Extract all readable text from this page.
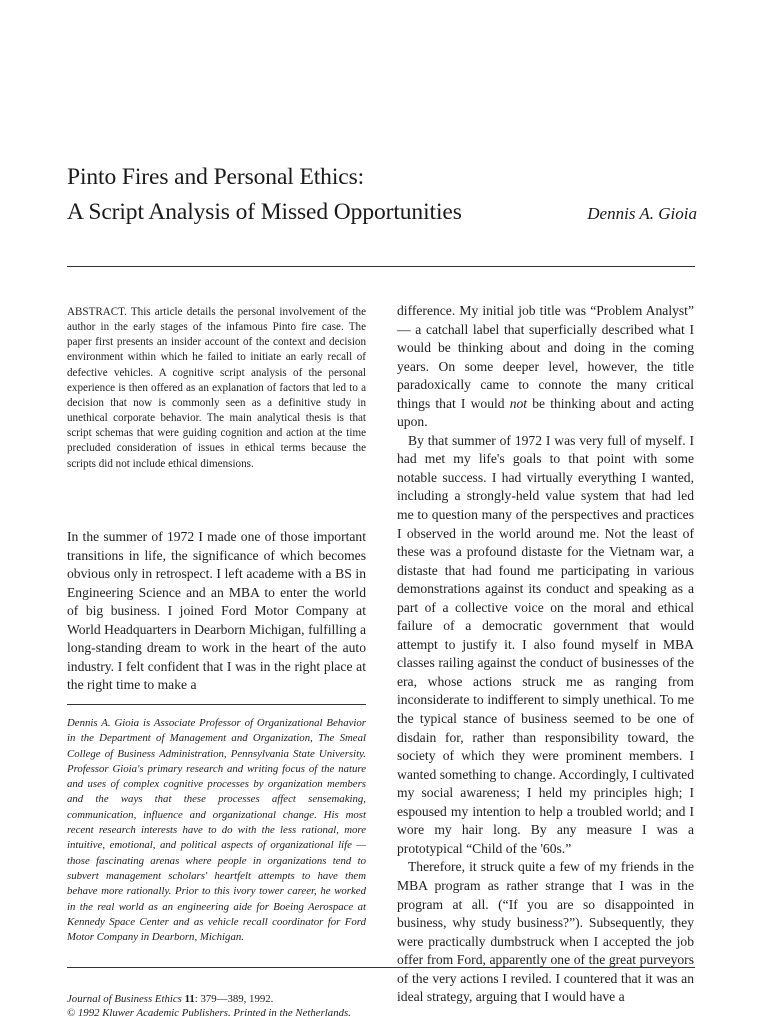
Pinto Fires and Personal Ethics:
A Script Analysis of Missed Opportunities	Dennis A. Gioia
ABSTRACT. This article details the personal involvement of the author in the early stages of the infamous Pinto fire case. The paper first presents an insider account of the context and decision environment within which he failed to initiate an early recall of defective vehicles. A cognitive script analysis of the personal experience is then offered as an explanation of factors that led to a decision that now is commonly seen as a definitive study in unethical corporate behavior. The main analytical thesis is that script schemas that were guiding cognition and action at the time precluded consideration of issues in ethical terms because the scripts did not include ethical dimensions.

In the summer of 1972 I made one of those important transitions in life, the significance of which becomes obvious only in retrospect. I left academe with a BS in Engineering Science and an MBA to enter the world of big business. I joined Ford Motor Company at World Headquarters in Dearborn Michigan, fulfilling a long-standing dream to work in the heart of the auto industry. I felt confident that I was in the right place at the right time to make a

Dennis A. Gioia is Associate Professor of Organizational Behavior in the Department of Management and Organization, The Smeal College of Business Administration, Pennsylvania State University. Professor Gioia's primary research and writing focus of the nature and uses of complex cognitive processes by organization members and the ways that these processes affect sensemaking, communication, influence and organizational change. His most recent research interests have to do with the less rational, more intuitive, emotional, and political aspects of organizational life — those fascinating arenas where people in organizations tend to subvert management scholars' heartfelt attempts to have them behave more rationally. Prior to this ivory tower career, he worked in the real world as an engineering aide for Boeing Aerospace at Kennedy Space Center and as vehicle recall coordinator for Ford Motor Company in Dearborn, Michigan.

difference. My initial job title was “Problem Analyst” — a catchall label that superficially described what I would be thinking about and doing in the coming years. On some deeper level, however, the title paradoxically came to connote the many critical things that I would not be thinking about and acting upon.

By that summer of 1972 I was very full of myself. I had met my life's goals to that point with some notable success. I had virtually everything I wanted, including a strongly-held value system that had led me to question many of the perspectives and practices I observed in the world around me. Not the least of these was a profound distaste for the Vietnam war, a distaste that had found me participating in various demonstrations against its conduct and speaking as a part of a collective voice on the moral and ethical failure of a democratic government that would attempt to justify it. I also found myself in MBA classes railing against the conduct of businesses of the era, whose actions struck me as ranging from inconsiderate to indifferent to simply unethical. To me the typical stance of business seemed to be one of disdain for, rather than responsibility toward, the society of which they were prominent members. I wanted something to change. Accordingly, I cultivated my social awareness; I held my principles high; I espoused my intention to help a troubled world; and I wore my hair long. By any measure I was a prototypical “Child of the '60s.”

Therefore, it struck quite a few of my friends in the MBA program as rather strange that I was in the program at all. (“If you are so disappointed in business, why study business?”). Subsequently, they were practically dumbstruck when I accepted the job offer from Ford, apparently one of the great purveyors of the very actions I reviled. I countered that it was an ideal strategy, arguing that I would have a

Journal of Business Ethics 11: 379—389, 1992.
© 1992 Kluwer Academic Publishers. Printed in the Netherlands.
